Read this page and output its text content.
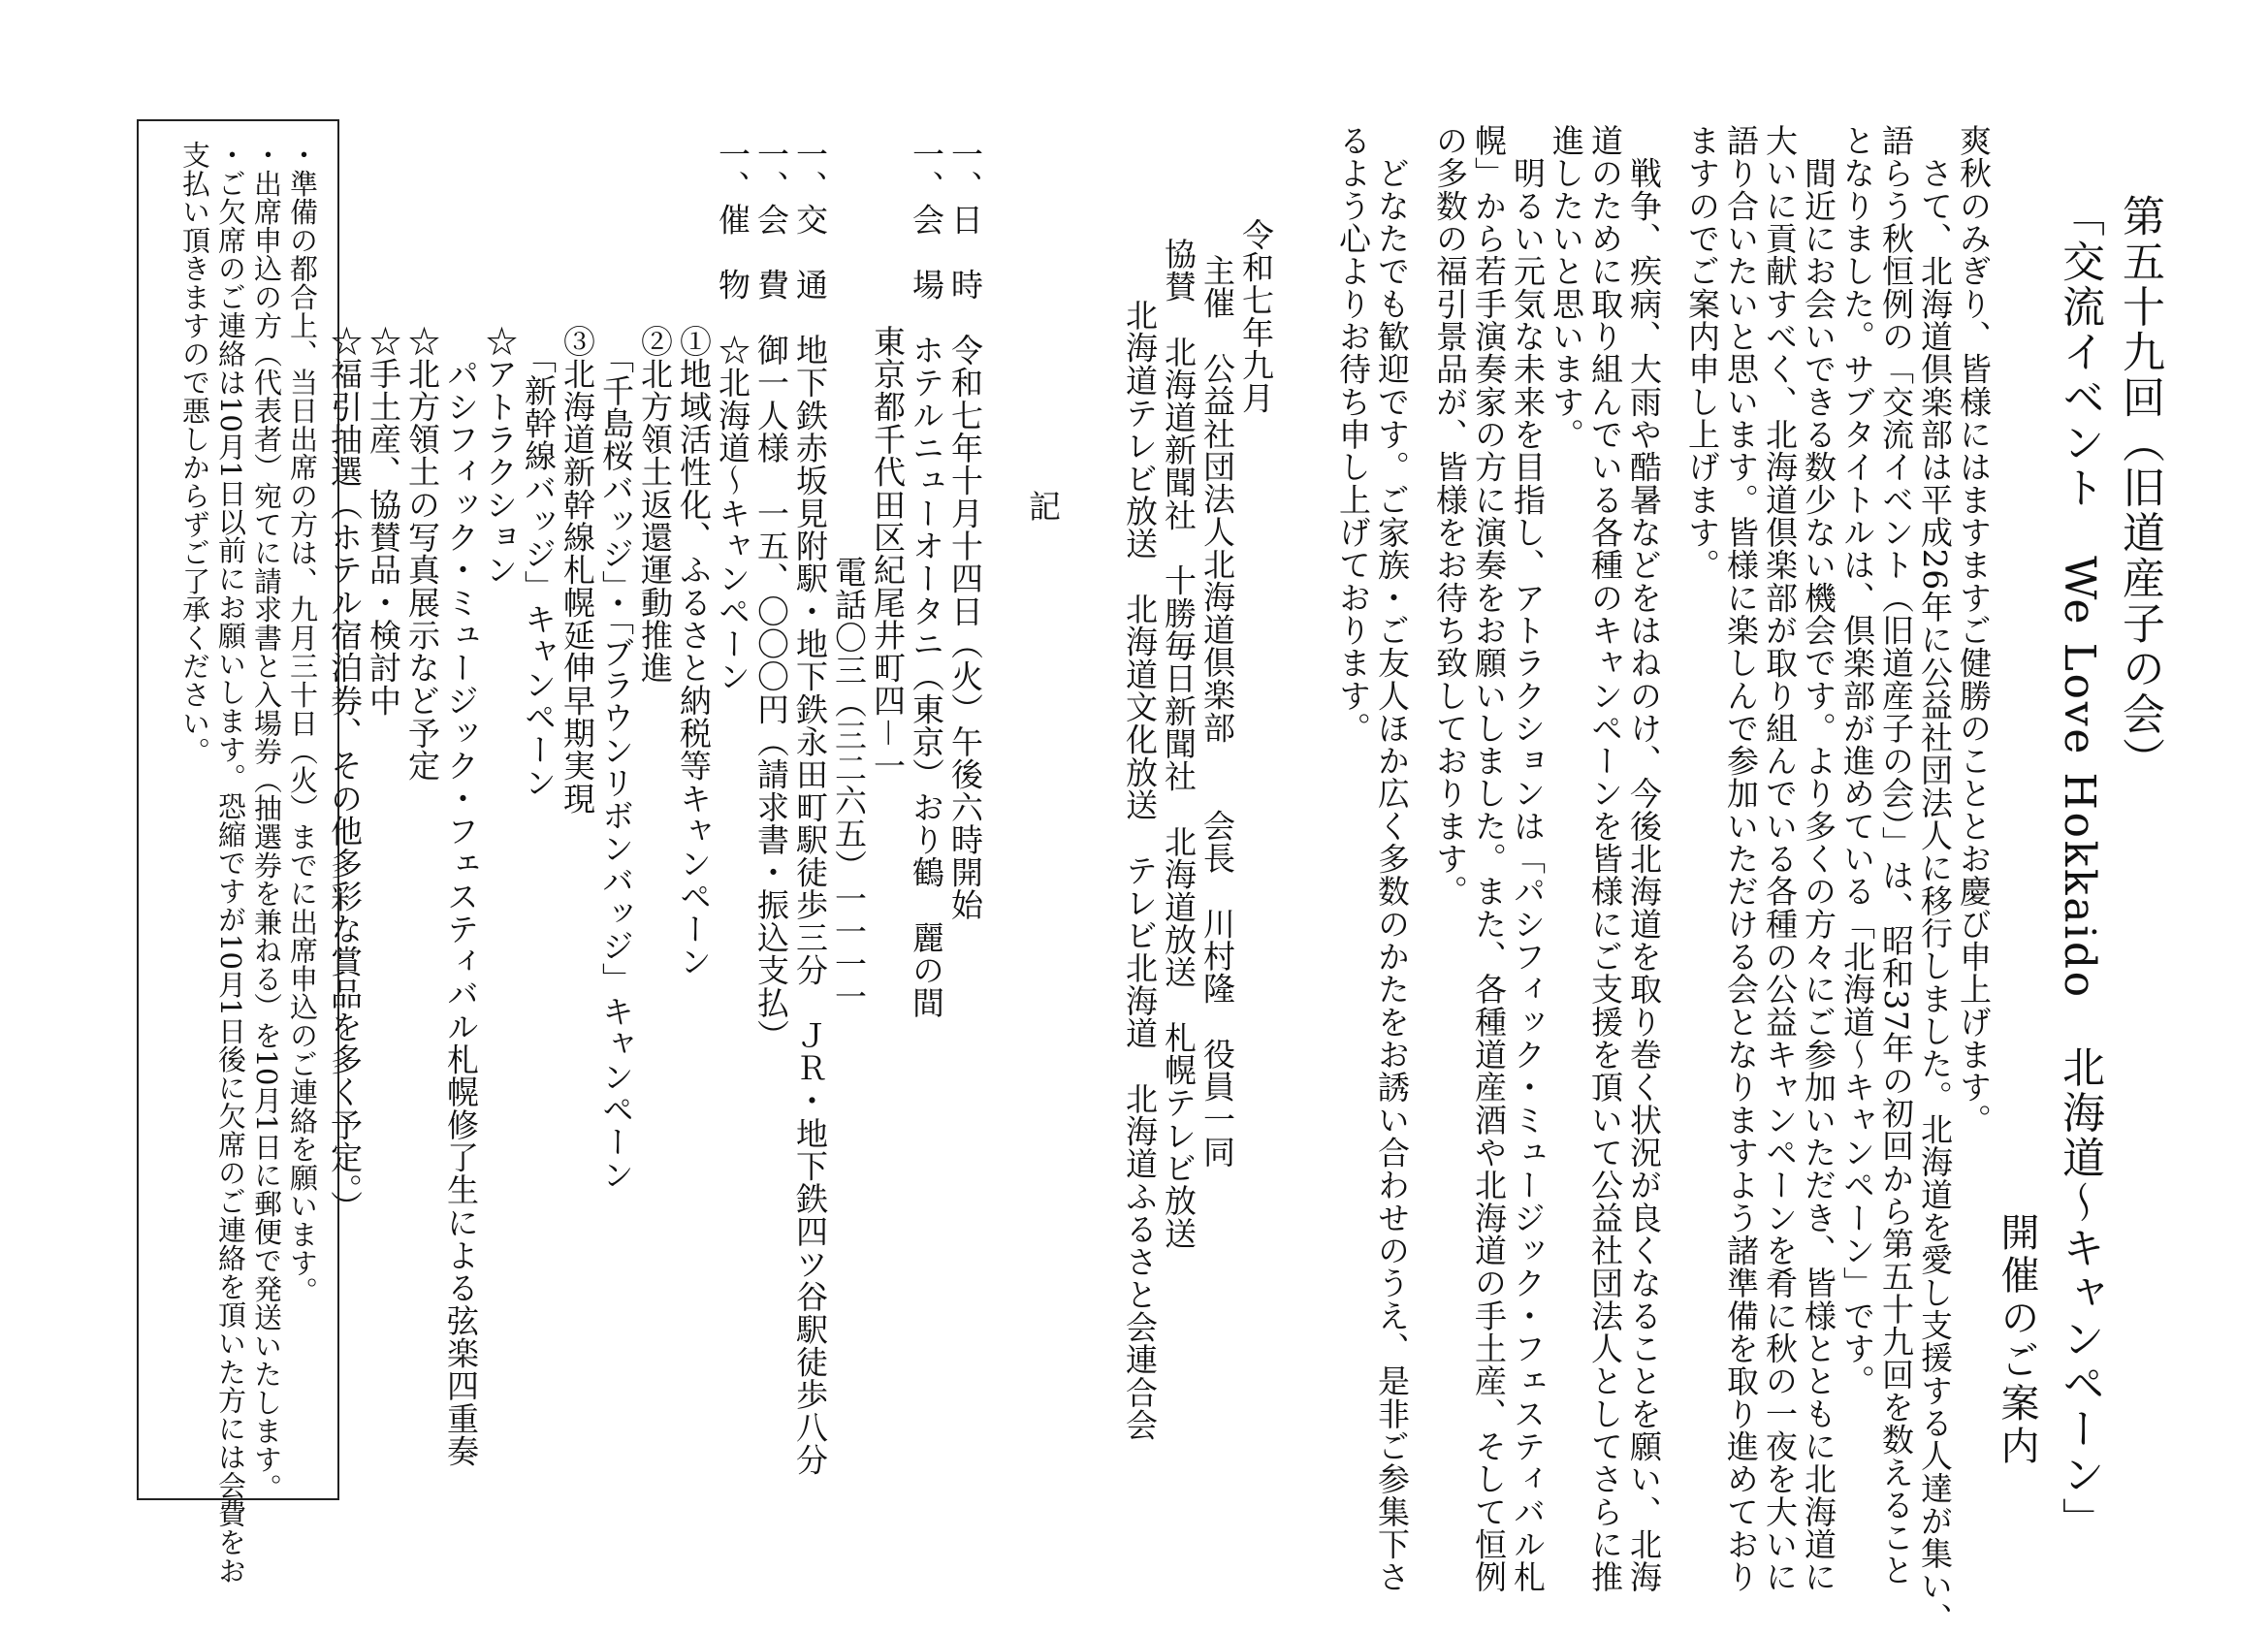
第五十九回（旧道産子の会）
「交流イベント　We Love Hokkaido　北海道～キャンペーン」
開催のご案内
爽秋のみぎり、皆様にはますますご健勝のこととお慶び申上げます。
　さて、北海道倶楽部は平成26年に公益社団法人に移行しました。北海道を愛し支援する人達が集い、
語らう秋恒例の「交流イベント（旧道産子の会）」は、昭和37年の初回から第五十九回を数えること
となりました。サブタイトルは、倶楽部が進めている「北海道～キャンペーン」です。
　間近にお会いできる数少ない機会です。より多くの方々にご参加いただき、皆様とともに北海道に
大いに貢献すべく、北海道倶楽部が取り組んでいる各種の公益キャンペーンを肴に秋の一夜を大いに
語り合いたいと思います。皆様に楽しんで参加いただける会となりますよう諸準備を取り進めており
ますのでご案内申し上げます。
　戦争、疾病、大雨や酷暑などをはねのけ、今後北海道を取り巻く状況が良くなることを願い、北海
道のために取り組んでいる各種のキャンペーンを皆様にご支援を頂いて公益社団法人としてさらに推
進したいと思います。
　明るい元気な未来を目指し、アトラクションは「パシフィック・ミュージック・フェスティバル札
幌」から若手演奏家の方に演奏をお願いしました。また、各種道産酒や北海道の手土産、そして恒例
の多数の福引景品が、皆様をお待ち致しております。
　どなたでも歓迎です。ご家族・ご友人ほか広く多数のかたをお誘い合わせのうえ、是非ご参集下さ
るよう心よりお待ち申し上げております。
令和七年九月
主催　公益社団法人北海道倶楽部　　会長　川村隆　役員一同
協賛　北海道新聞社　十勝毎日新聞社　北海道放送　札幌テレビ放送
北海道テレビ放送　北海道文化放送　テレビ北海道　北海道ふるさと会連合会
記
一、日　時　令和七年十月十四日（火）午後六時開始
一、会　場　ホテルニューオータニ（東京）おり鶴　麗の間
東京都千代田区紀尾井町四－一
電話〇三（三二六五）一一一一
一、交　通　地下鉄赤坂見附駅・地下鉄永田町駅徒歩三分　ＪＲ・地下鉄四ツ谷駅徒歩八分
一、会　費　御一人様　一五、〇〇〇円（請求書・振込支払）
一、催　物　☆北海道～キャンペーン
①地域活性化、ふるさと納税等キャンペーン
②北方領土返還運動推進
　「千島桜バッジ」・「ブラウンリボンバッジ」キャンペーン
③北海道新幹線札幌延伸早期実現
　「新幹線バッジ」キャンペーン
☆アトラクション
　パシフィック・ミュージック・フェスティバル札幌修了生による弦楽四重奏
☆北方領土の写真展示など予定
☆手土産、協賛品・検討中
☆福引抽選（ホテル宿泊券、その他多彩な賞品を多く予定。）
・準備の都合上、当日出席の方は、九月三十日（火）までに出席申込のご連絡を願います。
・出席申込の方（代表者）宛てに請求書と入場券（抽選券を兼ねる）を10月1日に郵便で発送いたします。
・ご欠席のご連絡は10月1日以前にお願いします。恐縮ですが10月1日後に欠席のご連絡を頂いた方には会費をお
支払い頂きますので悪しからずご了承ください。
